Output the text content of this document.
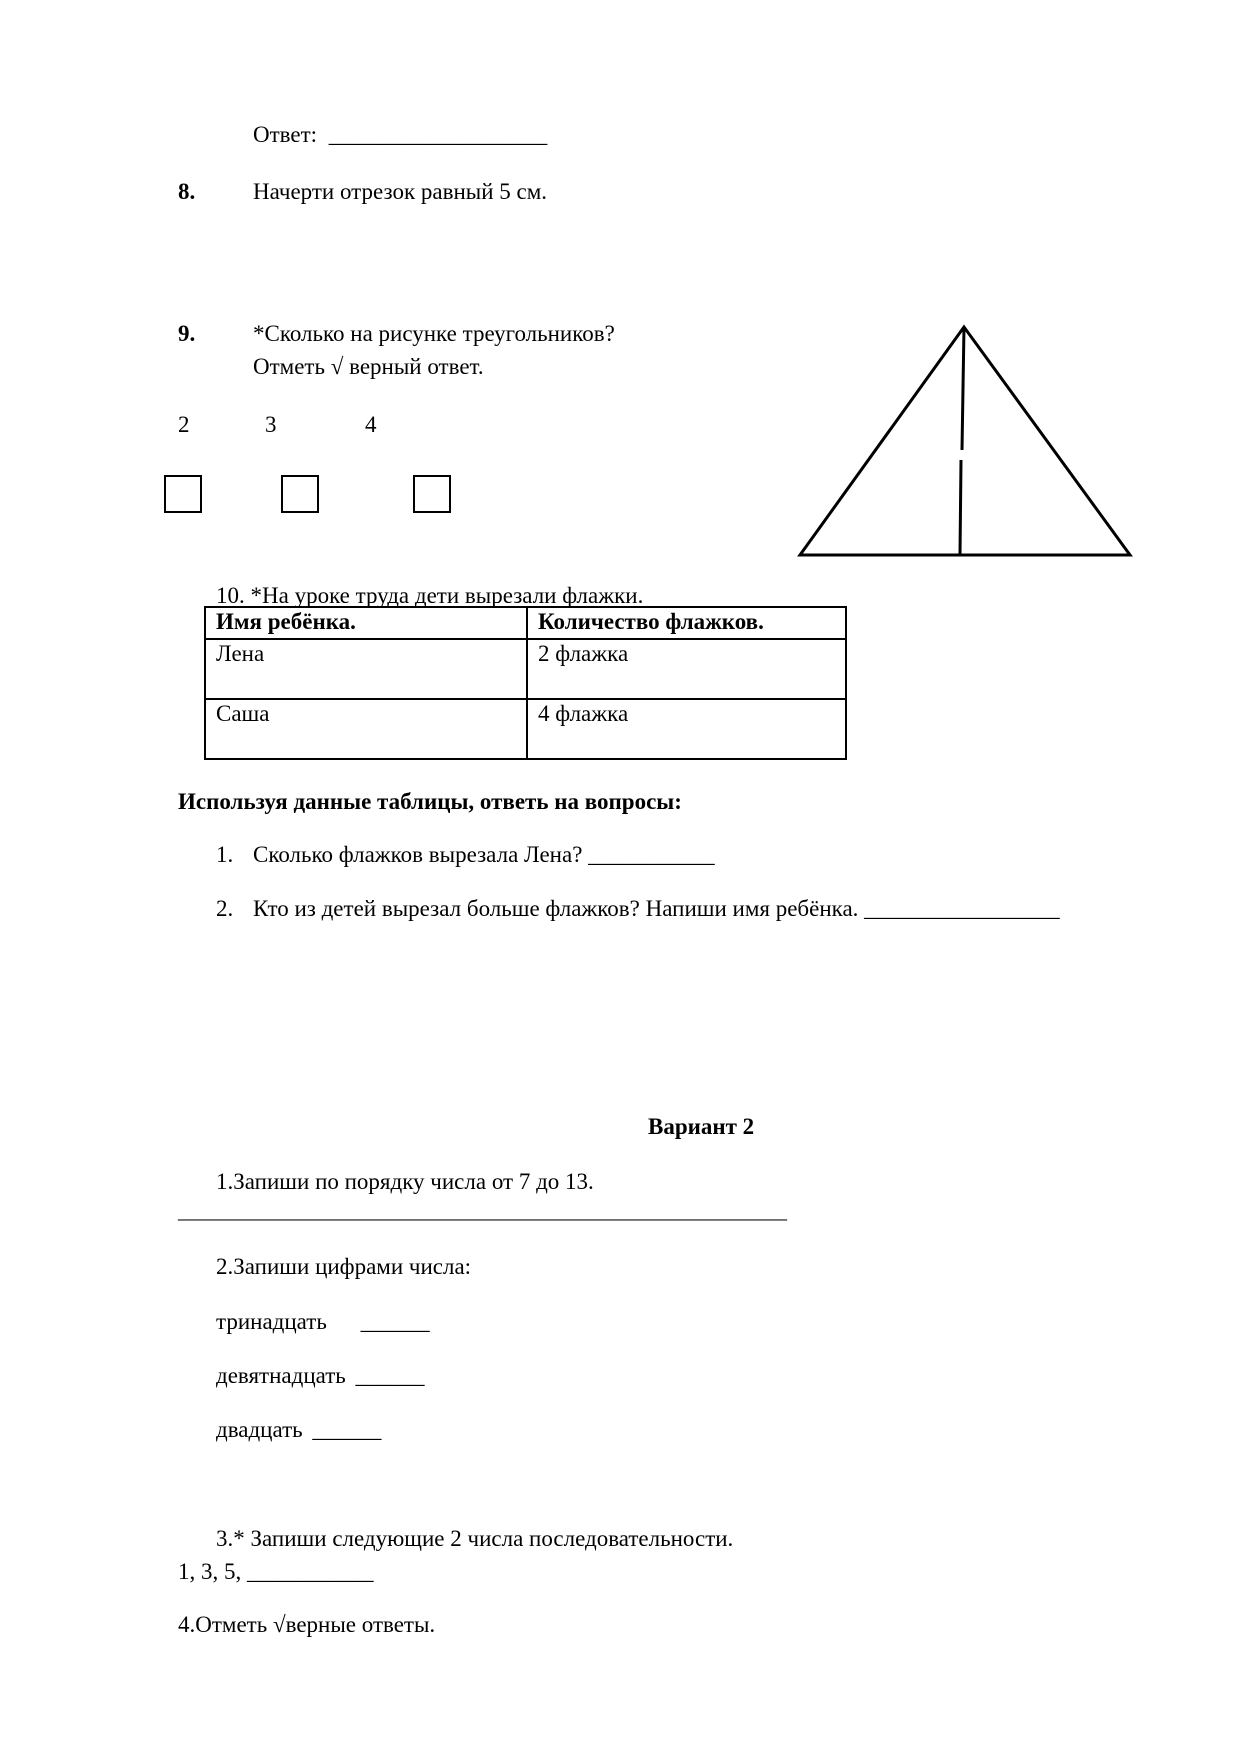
Ответ: ___________________
8.	Начерти отрезок равный 5 см.
9.	*Сколько на рисунке треугольников?
Отметь √ верный ответ.
2	3	4
10. *На уроке труда дети вырезали флажки.
Имя ребёнка.	Количество флажков.
Лена	2 флажка
Саша	4 флажка
Используя данные таблицы, ответь на вопросы:
1. Сколько флажков вырезала Лена? ___________
2. Кто из детей вырезал больше флажков? Напиши имя ребёнка. _________________
Вариант 2
1.Запиши по порядку числа от 7 до 13.
__________________________________________________________
2.Запиши цифрами числа:
тринадцать ______
девятнадцать ______
двадцать ______
3.* Запиши следующие 2 числа последовательности.
1, 3, 5, ___________
4.Отметь √верные ответы.
